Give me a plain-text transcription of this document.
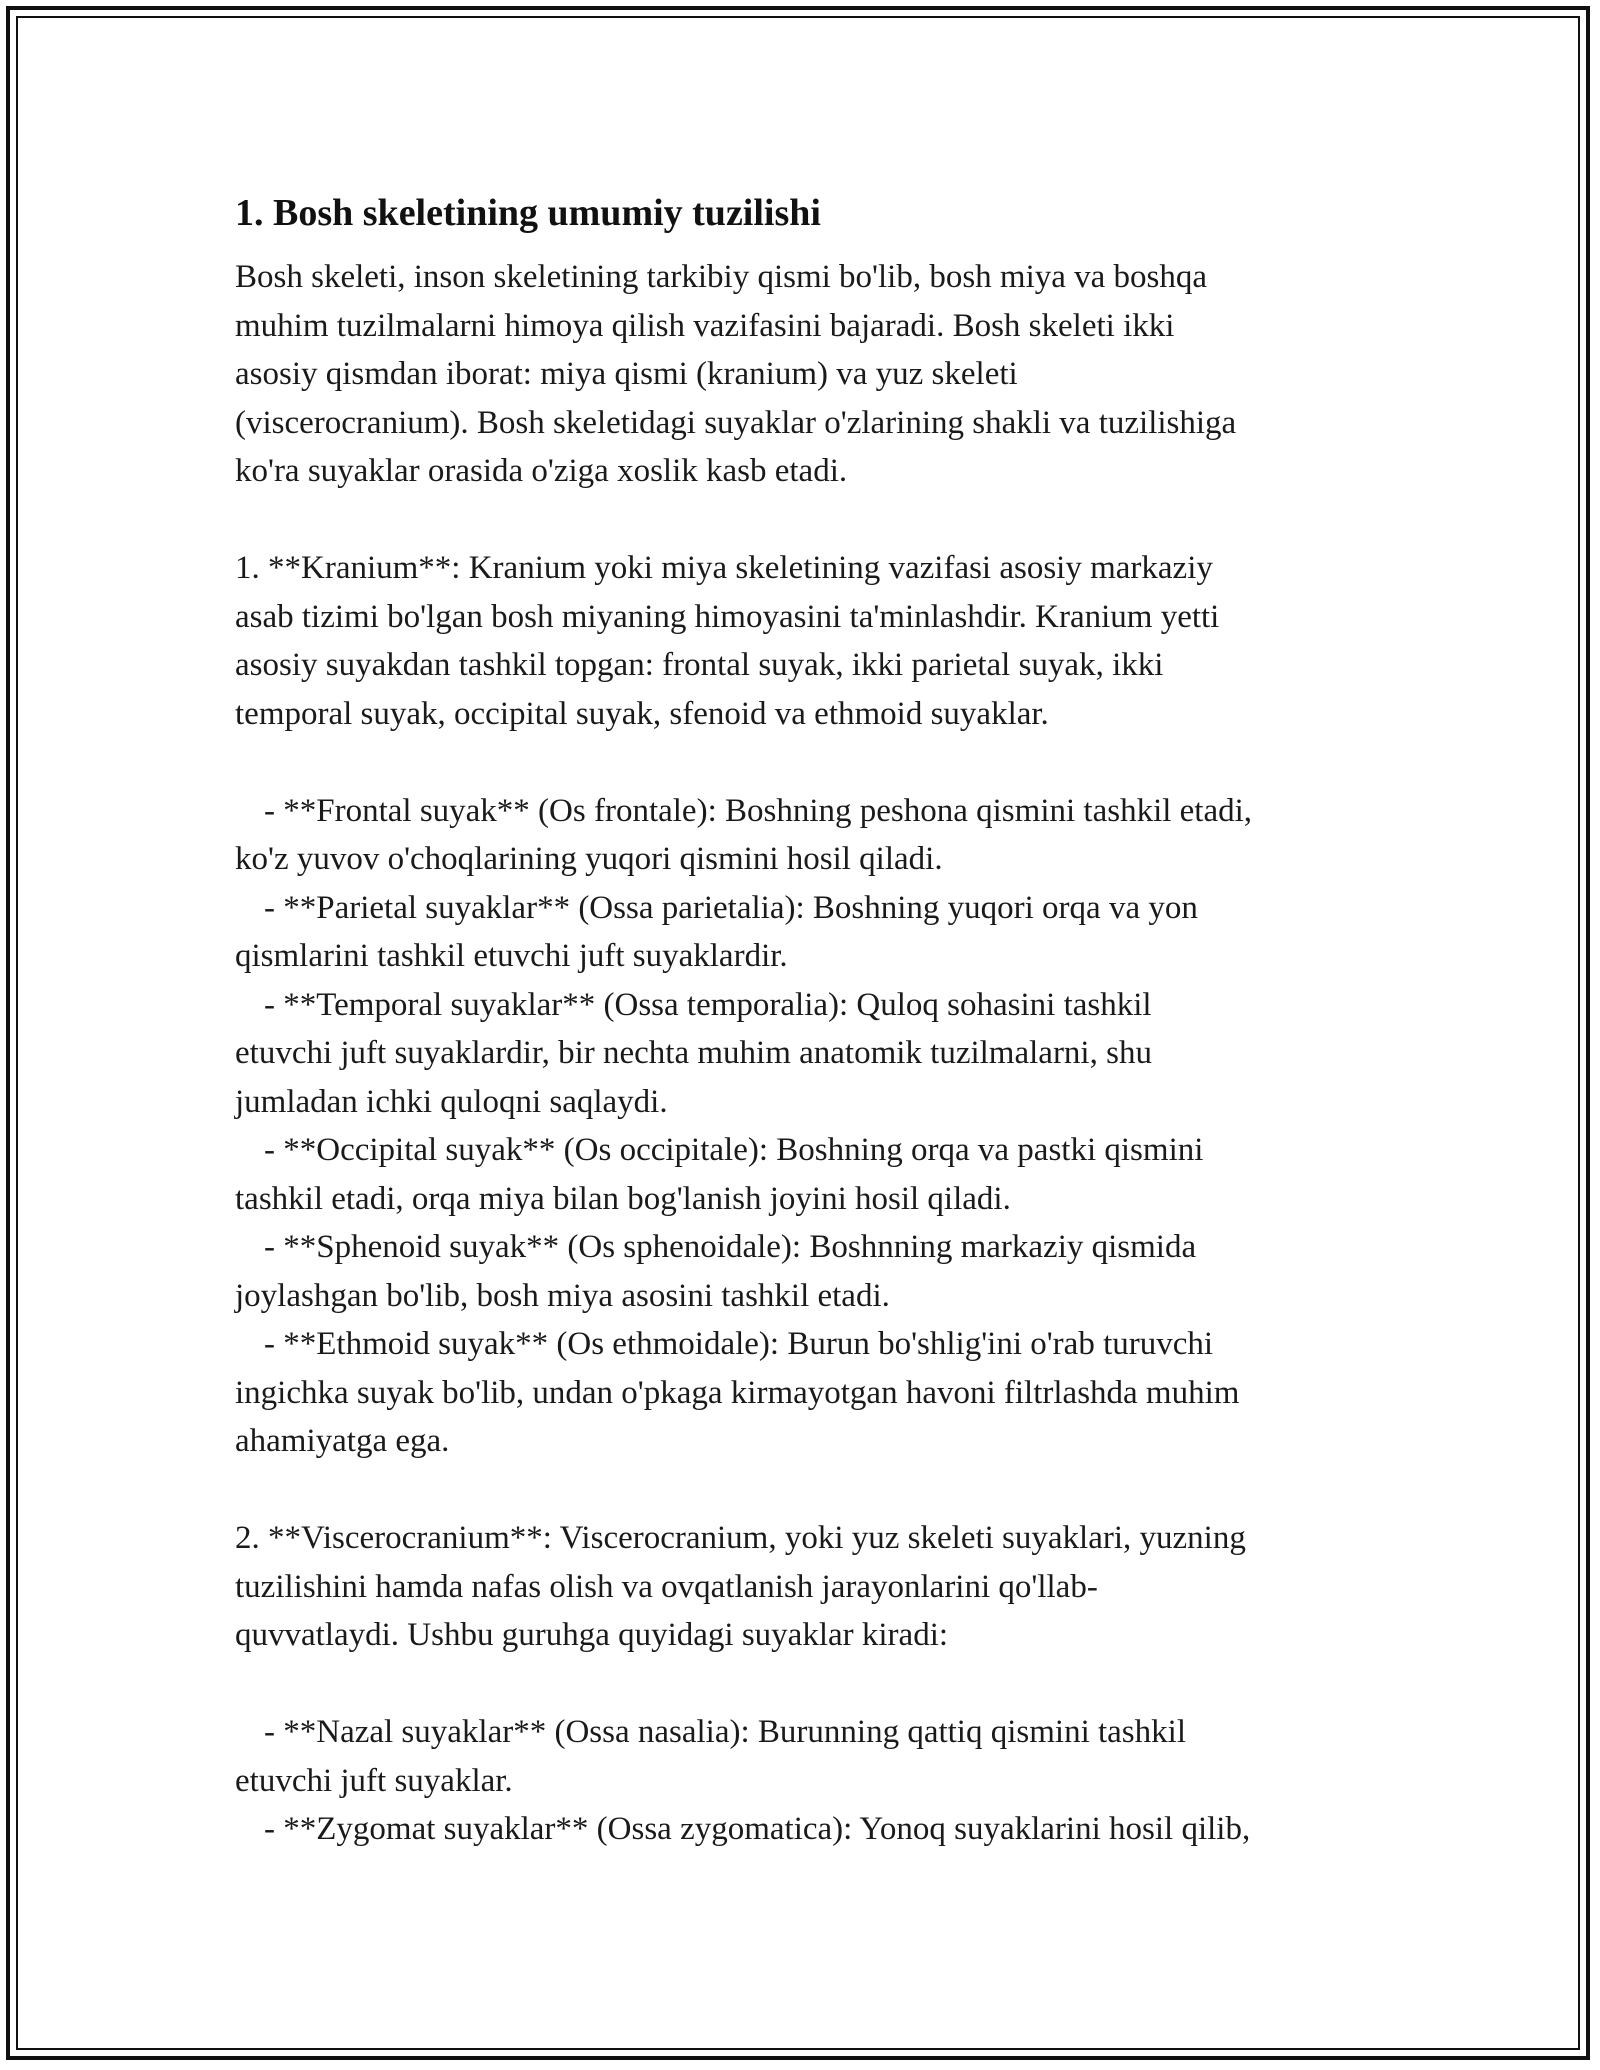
1. Bosh skeletining umumiy tuzilishi

Bosh skeleti, inson skeletining tarkibiy qismi bo'lib, bosh miya va boshqa

muhim tuzilmalarni himoya qilish vazifasini bajaradi. Bosh skeleti ikki

asosiy qismdan iborat: miya qismi (kranium) va yuz skeleti

(viscerocranium). Bosh skeletidagi suyaklar o'zlarining shakli va tuzilishiga

ko'ra suyaklar orasida o'ziga xoslik kasb etadi.

1. **Kranium**: Kranium yoki miya skeletining vazifasi asosiy markaziy

asab tizimi bo'lgan bosh miyaning himoyasini ta'minlashdir. Kranium yetti

asosiy suyakdan tashkil topgan: frontal suyak, ikki parietal suyak, ikki

temporal suyak, occipital suyak, sfenoid va ethmoid suyaklar.

- **Frontal suyak** (Os frontale): Boshning peshona qismini tashkil etadi,

ko'z yuvov o'choqlarining yuqori qismini hosil qiladi.

- **Parietal suyaklar** (Ossa parietalia): Boshning yuqori orqa va yon

qismlarini tashkil etuvchi juft suyaklardir.

- **Temporal suyaklar** (Ossa temporalia): Quloq sohasini tashkil

etuvchi juft suyaklardir, bir nechta muhim anatomik tuzilmalarni, shu

jumladan ichki quloqni saqlaydi.

- **Occipital suyak** (Os occipitale): Boshning orqa va pastki qismini

tashkil etadi, orqa miya bilan bog'lanish joyini hosil qiladi.

- **Sphenoid suyak** (Os sphenoidale): Boshnning markaziy qismida

joylashgan bo'lib, bosh miya asosini tashkil etadi.

- **Ethmoid suyak** (Os ethmoidale): Burun bo'shlig'ini o'rab turuvchi

ingichka suyak bo'lib, undan o'pkaga kirmayotgan havoni filtrlashda muhim

ahamiyatga ega.

2. **Viscerocranium**: Viscerocranium, yoki yuz skeleti suyaklari, yuzning

tuzilishini hamda nafas olish va ovqatlanish jarayonlarini qo'llab-

quvvatlaydi. Ushbu guruhga quyidagi suyaklar kiradi:

- **Nazal suyaklar** (Ossa nasalia): Burunning qattiq qismini tashkil

etuvchi juft suyaklar.

- **Zygomat suyaklar** (Ossa zygomatica): Yonoq suyaklarini hosil qilib,
